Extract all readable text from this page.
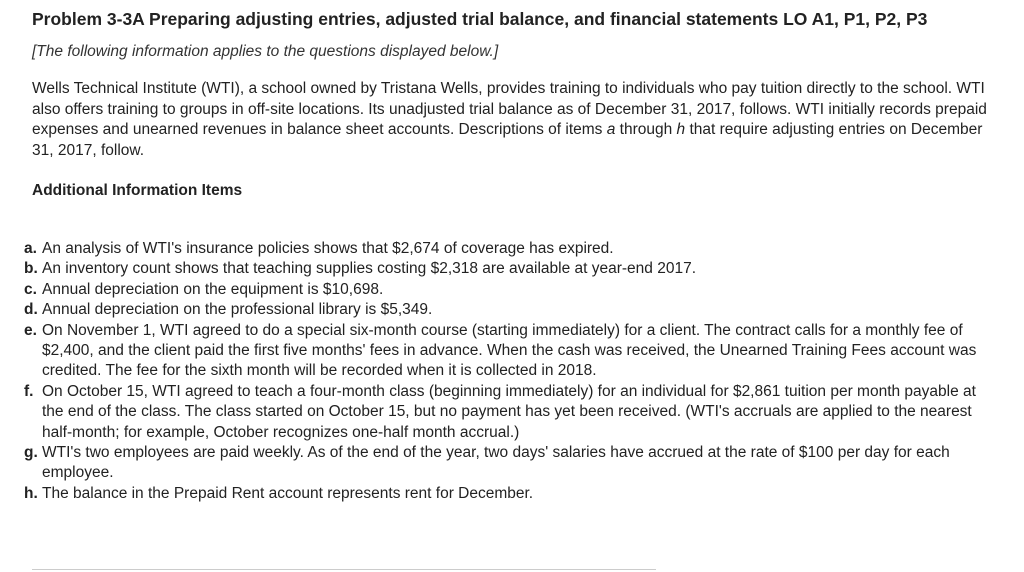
Problem 3-3A Preparing adjusting entries, adjusted trial balance, and financial statements LO A1, P1, P2, P3
[The following information applies to the questions displayed below.]
Wells Technical Institute (WTI), a school owned by Tristana Wells, provides training to individuals who pay tuition directly to the school. WTI also offers training to groups in off-site locations. Its unadjusted trial balance as of December 31, 2017, follows. WTI initially records prepaid expenses and unearned revenues in balance sheet accounts. Descriptions of items a through h that require adjusting entries on December 31, 2017, follow.
Additional Information Items
a. An analysis of WTI's insurance policies shows that $2,674 of coverage has expired.
b. An inventory count shows that teaching supplies costing $2,318 are available at year-end 2017.
c. Annual depreciation on the equipment is $10,698.
d. Annual depreciation on the professional library is $5,349.
e. On November 1, WTI agreed to do a special six-month course (starting immediately) for a client. The contract calls for a monthly fee of $2,400, and the client paid the first five months' fees in advance. When the cash was received, the Unearned Training Fees account was credited. The fee for the sixth month will be recorded when it is collected in 2018.
f. On October 15, WTI agreed to teach a four-month class (beginning immediately) for an individual for $2,861 tuition per month payable at the end of the class. The class started on October 15, but no payment has yet been received. (WTI's accruals are applied to the nearest half-month; for example, October recognizes one-half month accrual.)
g. WTI's two employees are paid weekly. As of the end of the year, two days' salaries have accrued at the rate of $100 per day for each employee.
h. The balance in the Prepaid Rent account represents rent for December.
